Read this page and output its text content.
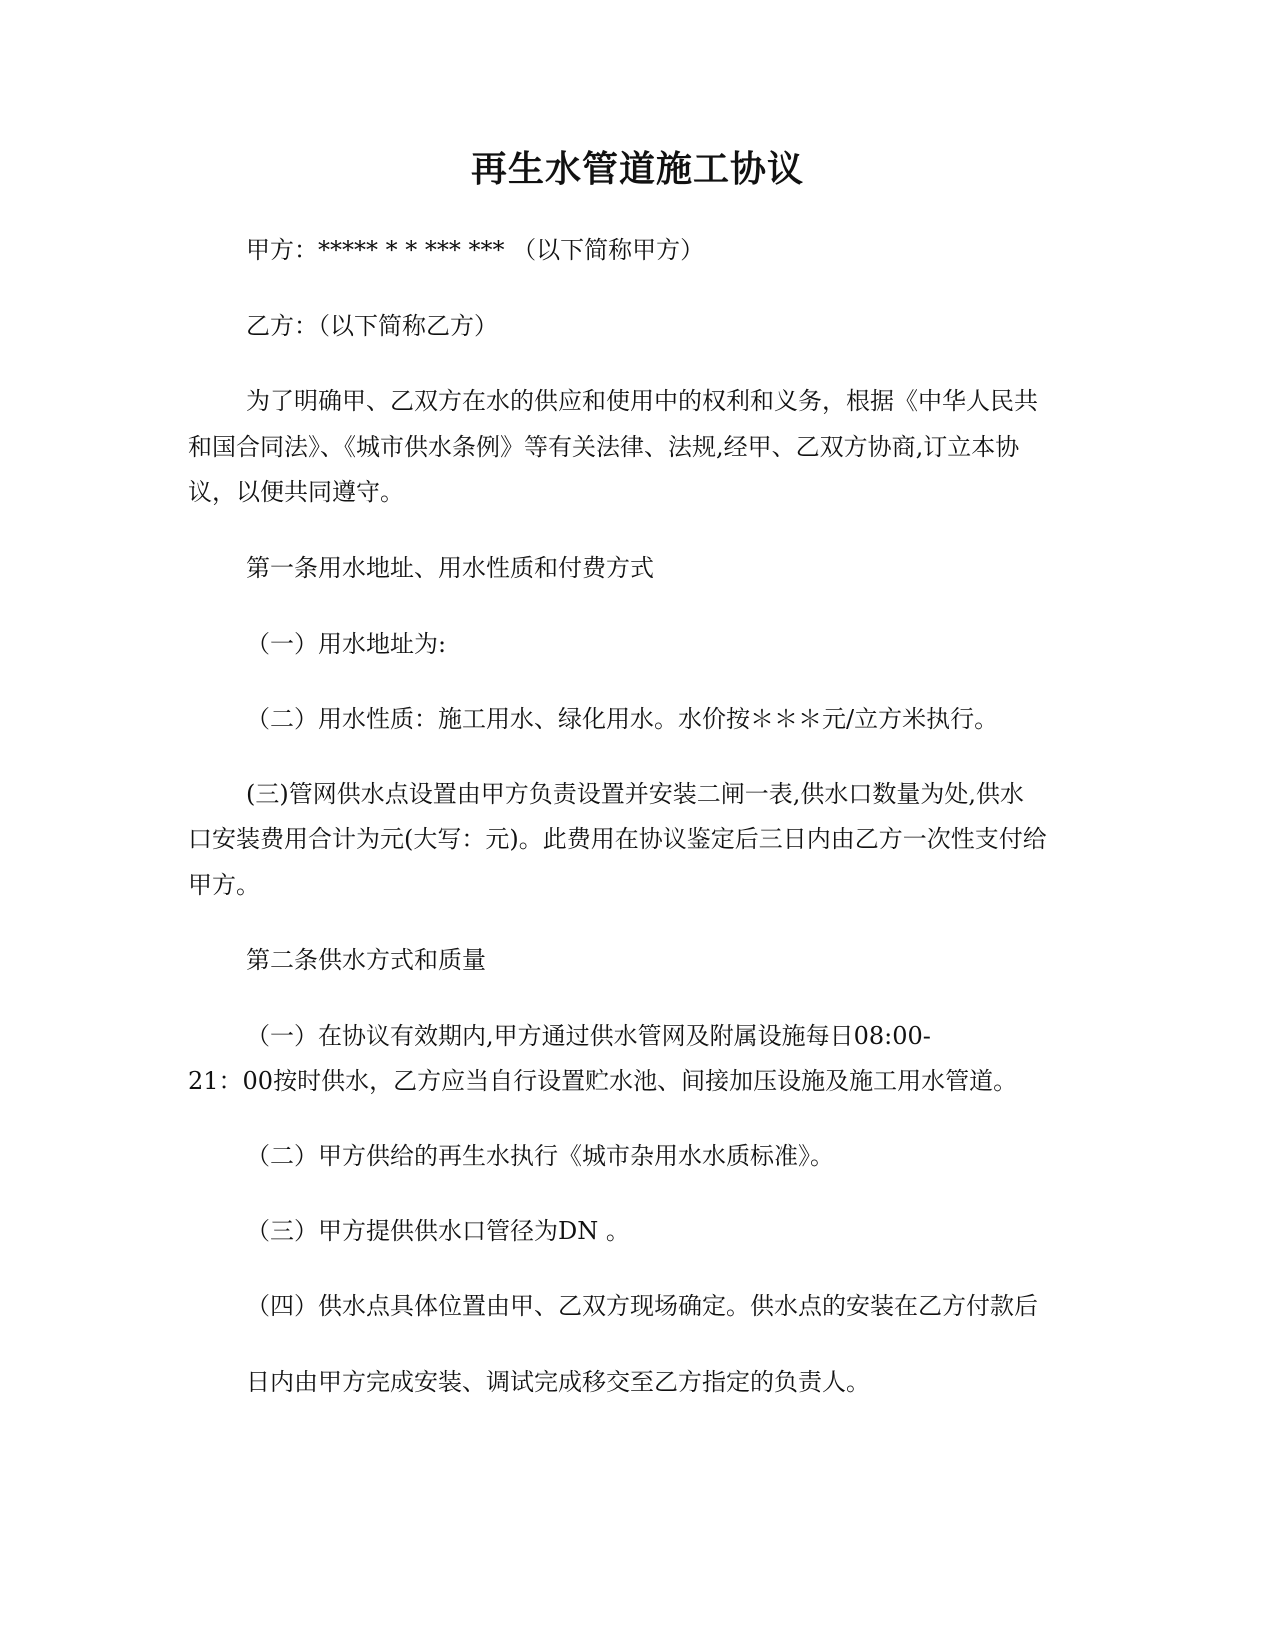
再生水管道施工协议
甲方：***** * * *** *** （以下简称甲方）
乙方：（以下简称乙方）
为了明确甲、乙双方在水的供应和使用中的权利和义务，根据《中华人民共
和国合同法》、《城市供水条例》等有关法律、法规,经甲、乙双方协商,订立本协
议，以便共同遵守。
第一条用水地址、用水性质和付费方式
（一）用水地址为:
（二）用水性质：施工用水、绿化用水。水价按＊＊＊元/立方米执行。
(三)管网供水点设置由甲方负责设置并安装二闸一表,供水口数量为处,供水
口安装费用合计为元(大写：元)。此费用在协议鉴定后三日内由乙方一次性支付给
甲方。
第二条供水方式和质量
（一）在协议有效期内,甲方通过供水管网及附属设施每日08:00-
21：00按时供水，乙方应当自行设置贮水池、间接加压设施及施工用水管道。
（二）甲方供给的再生水执行《城市杂用水水质标准》。
（三）甲方提供供水口管径为DN 。
（四）供水点具体位置由甲、乙双方现场确定。供水点的安装在乙方付款后
日内由甲方完成安装、调试完成移交至乙方指定的负责人。
